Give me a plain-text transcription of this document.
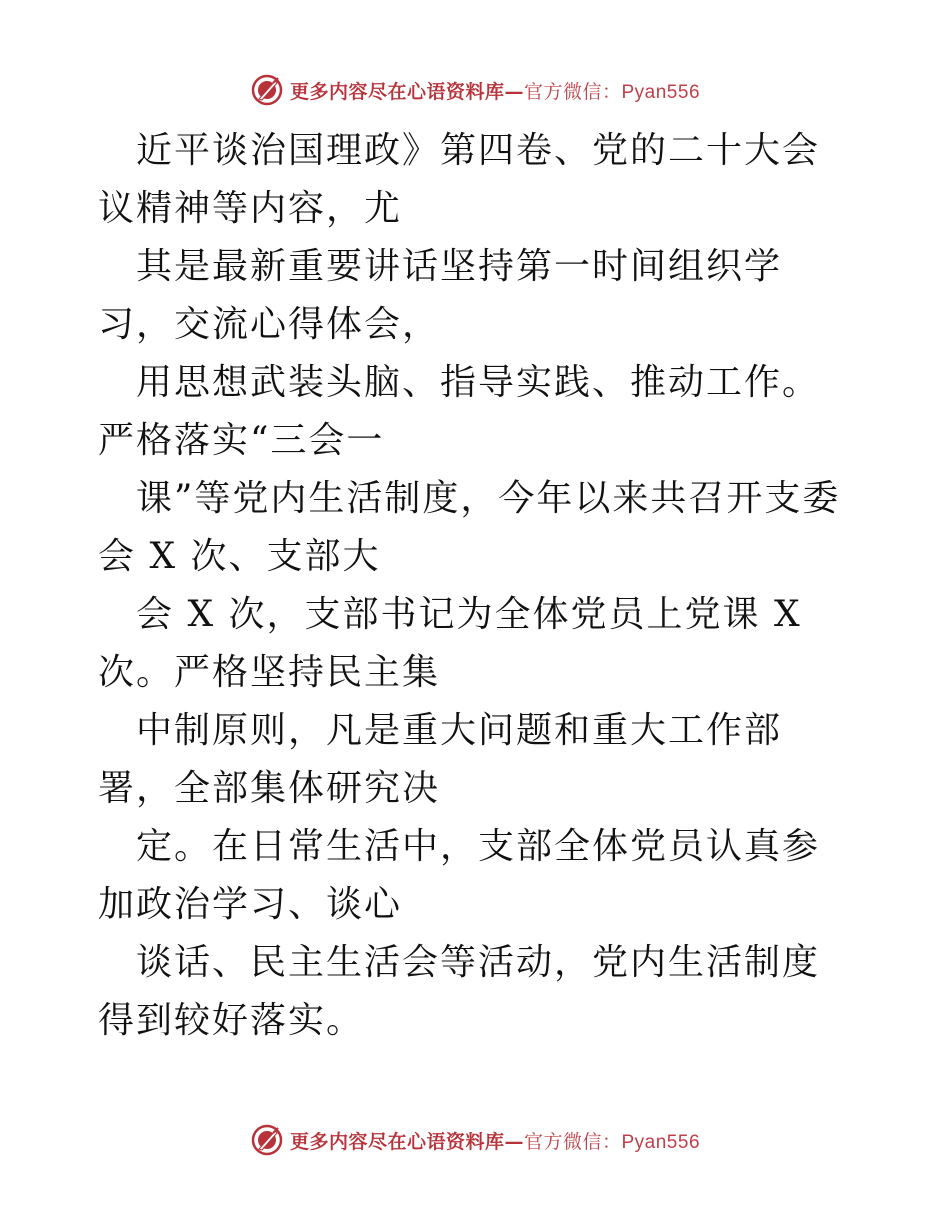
更多内容尽在心语资料库—官方微信：Pyan556

近平谈治国理政》第四卷、党的二十大会议精神等内容，尤

其是最新重要讲话坚持第一时间组织学习，交流心得体会，

用思想武装头脑、指导实践、推动工作。严格落实“三会一

课”等党内生活制度，今年以来共召开支委会 X 次、支部大

会 X 次，支部书记为全体党员上党课 X 次。严格坚持民主集

中制原则，凡是重大问题和重大工作部署，全部集体研究决

定。在日常生活中，支部全体党员认真参加政治学习、谈心

谈话、民主生活会等活动，党内生活制度得到较好落实。

更多内容尽在心语资料库—官方微信：Pyan556
